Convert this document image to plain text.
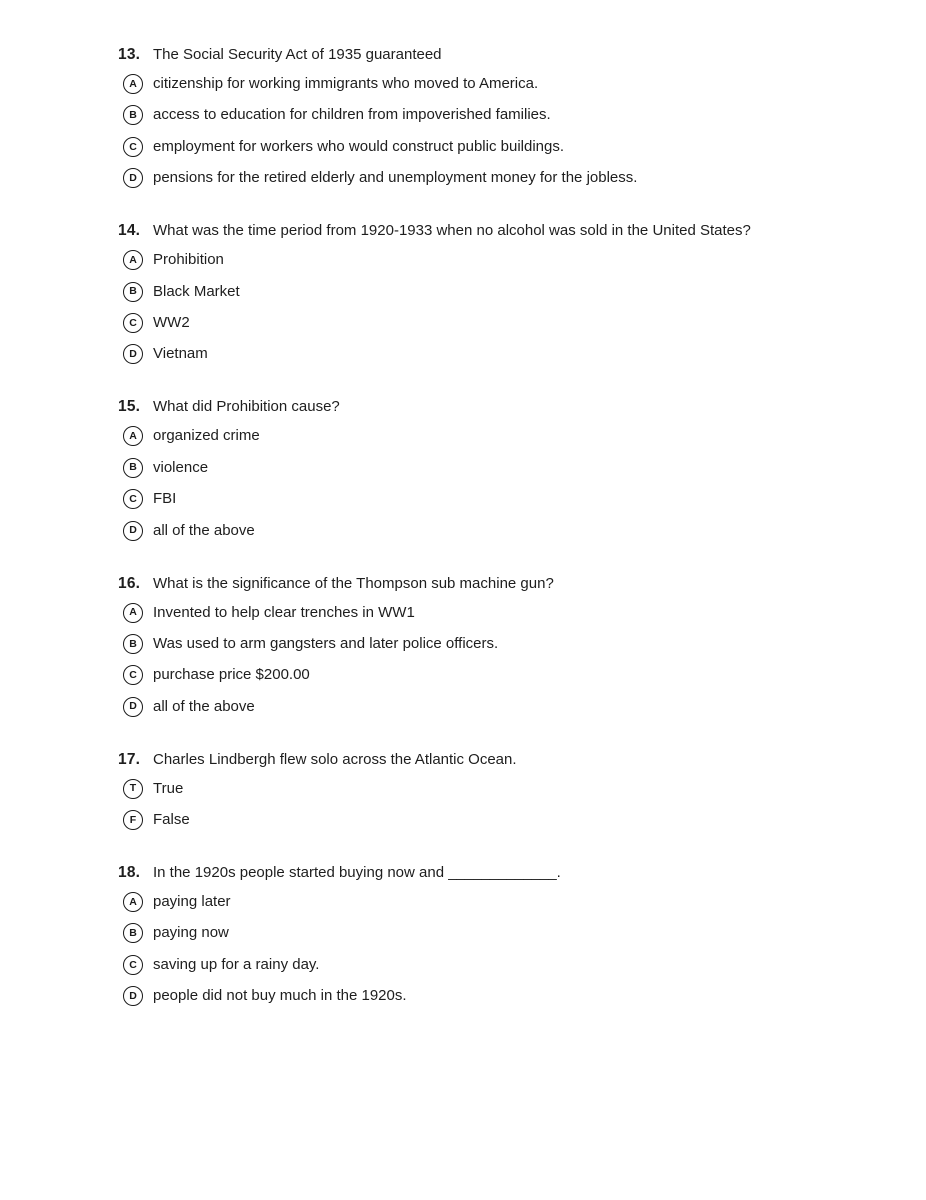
13. The Social Security Act of 1935 guaranteed
A citizenship for working immigrants who moved to America.
B access to education for children from impoverished families.
C employment for workers who would construct public buildings.
D pensions for the retired elderly and unemployment money for the jobless.
14. What was the time period from 1920-1933 when no alcohol was sold in the United States?
A Prohibition
B Black Market
C WW2
D Vietnam
15. What did Prohibition cause?
A organized crime
B violence
C FBI
D all of the above
16. What is the significance of the Thompson sub machine gun?
A Invented to help clear trenches in WW1
B Was used to arm gangsters and later police officers.
C purchase price $200.00
D all of the above
17. Charles Lindbergh flew solo across the Atlantic Ocean.
T True
F False
18. In the 1920s people started buying now and _____________.
A paying later
B paying now
C saving up for a rainy day.
D people did not buy much in the 1920s.
